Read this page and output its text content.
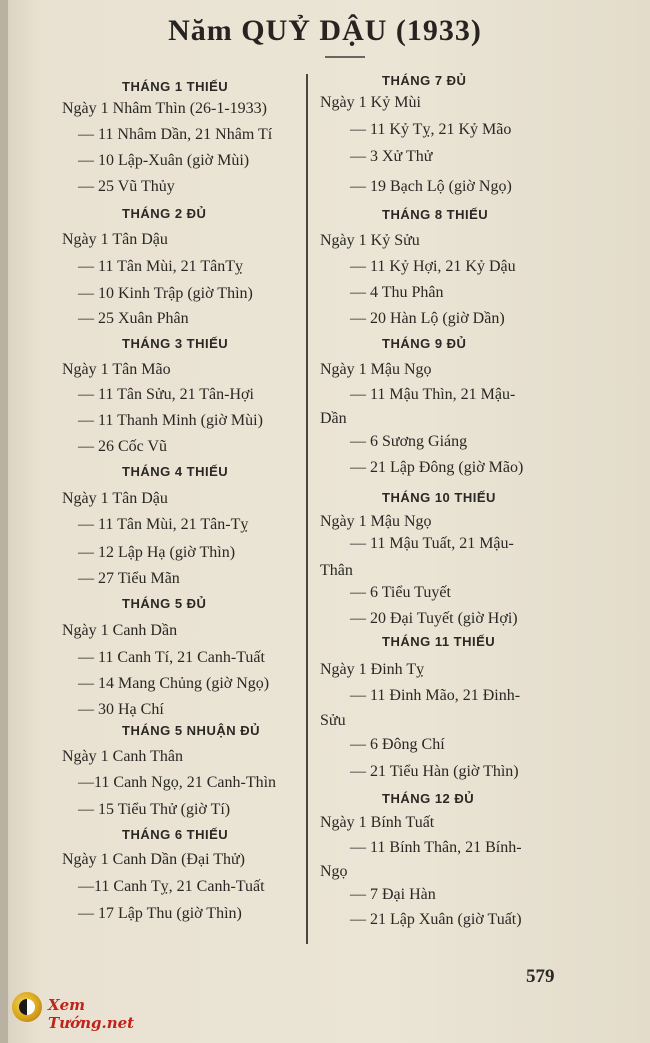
Năm QUỶ DẬU (1933)
THÁNG 1 THIẾU
Ngày 1 Nhâm Thìn (26-1-1933)
— 11 Nhâm Dần, 21 Nhâm Tí
— 10 Lập-Xuân (giờ Mùi)
— 25 Vũ Thủy
THÁNG 2 ĐỦ
Ngày 1 Tân Dậu
— 11 Tân Mùi, 21 TânTỵ
— 10 Kinh Trập (giờ Thìn)
— 25 Xuân Phân
THÁNG 3 THIẾU
Ngày 1 Tân Mão
— 11 Tân Sửu, 21 Tân-Hợi
— 11 Thanh Minh (giờ Mùi)
— 26 Cốc Vũ
THÁNG 4 THIẾU
Ngày 1 Tân Dậu
— 11 Tân Mùi, 21 Tân-Tỵ
— 12 Lập Hạ (giờ Thìn)
— 27 Tiểu Mãn
THÁNG 5 ĐỦ
Ngày 1 Canh Dần
— 11 Canh Tí, 21 Canh-Tuất
— 14 Mang Chủng (giờ Ngọ)
— 30 Hạ Chí
THÁNG 5 NHUẬN ĐỦ
Ngày 1 Canh Thân
—11 Canh Ngọ, 21 Canh-Thìn
— 15 Tiểu Thử (giờ Tí)
THÁNG 6 THIẾU
Ngày 1 Canh Dần (Đại Thử)
—11 Canh Tỵ, 21 Canh-Tuất
— 17 Lập Thu (giờ Thìn)
THÁNG 7 ĐỦ
Ngày 1 Kỷ Mùi
— 11 Kỷ Tỵ, 21 Kỷ Mão
— 3 Xử Thử
— 19 Bạch Lộ (giờ Ngọ)
THÁNG 8 THIẾU
Ngày 1 Kỷ Sửu
— 11 Kỷ Hợi, 21 Kỷ Dậu
— 4 Thu Phân
— 20 Hàn Lộ (giờ Dần)
THÁNG 9 ĐỦ
Ngày 1 Mậu Ngọ
— 11 Mậu Thìn, 21 Mậu-
Dần
— 6 Sương Giáng
— 21 Lập Đông (giờ Mão)
THÁNG 10 THIẾU
Ngày 1 Mậu Ngọ
— 11 Mậu Tuất, 21 Mậu-
Thân
— 6 Tiểu Tuyết
— 20 Đại Tuyết (giờ Hợi)
THÁNG 11 THIẾU
Ngày 1 Đinh Tỵ
— 11 Đinh Mão, 21 Đinh-
Sửu
— 6 Đông Chí
— 21 Tiểu Hàn (giờ Thìn)
THÁNG 12 ĐỦ
Ngày 1 Bính Tuất
— 11 Bính Thân, 21 Bính-
Ngọ
— 7 Đại Hàn
— 21 Lập Xuân (giờ Tuất)
579
Xem Tướng.net
